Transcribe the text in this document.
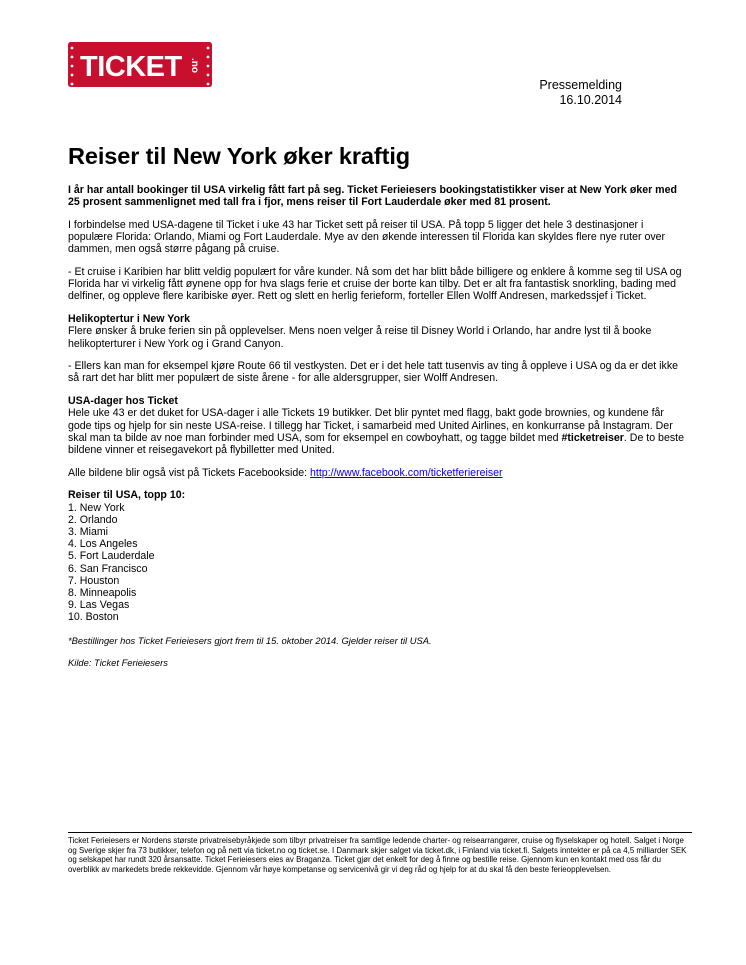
TICKET .no
Pressemelding
16.10.2014
Reiser til New York øker kraftig

I år har antall bookinger til USA virkelig fått fart på seg. Ticket Ferieiesers bookingstatistikker viser at New York øker med 25 prosent sammenlignet med tall fra i fjor, mens reiser til Fort Lauderdale øker med 81 prosent.

I forbindelse med USA-dagene til Ticket i uke 43 har Ticket sett på reiser til USA. På topp 5 ligger det hele 3 destinasjoner i populære Florida: Orlando, Miami og Fort Lauderdale. Mye av den økende interessen til Florida kan skyldes flere nye ruter over dammen, men også større pågang på cruise.

- Et cruise i Karibien har blitt veldig populært for våre kunder. Nå som det har blitt både billigere og enklere å komme seg til USA og Florida har vi virkelig fått øynene opp for hva slags ferie et cruise der borte kan tilby. Det er alt fra fantastisk snorkling, bading med delfiner, og oppleve flere karibiske øyer. Rett og slett en herlig ferieform, forteller Ellen Wolff Andresen, markedssjef i Ticket.

Helikoptertur i New York
Flere ønsker å bruke ferien sin på opplevelser. Mens noen velger å reise til Disney World i Orlando, har andre lyst til å booke helikopterturer i New York og i Grand Canyon.

- Ellers kan man for eksempel kjøre Route 66 til vestkysten. Det er i det hele tatt tusenvis av ting å oppleve i USA og da er det ikke så rart det har blitt mer populært de siste årene - for alle aldersgrupper, sier Wolff Andresen.

USA-dager hos Ticket
Hele uke 43 er det duket for USA-dager i alle Tickets 19 butikker. Det blir pyntet med flagg, bakt gode brownies, og kundene får gode tips og hjelp for sin neste USA-reise. I tillegg har Ticket, i samarbeid med United Airlines, en konkurranse på Instagram. Der skal man ta bilde av noe man forbinder med USA, som for eksempel en cowboyhatt, og tagge bildet med #ticketreiser. De to beste bildene vinner et reisegavekort på flybilletter med United.

Alle bildene blir også vist på Tickets Facebookside: http://www.facebook.com/ticketferiereiser

Reiser til USA, topp 10:
1. New York
2. Orlando
3. Miami
4. Los Angeles
5. Fort Lauderdale
6. San Francisco
7. Houston
8. Minneapolis
9. Las Vegas
10. Boston

*Bestillinger hos Ticket Ferieiesers gjort frem til 15. oktober 2014. Gjelder reiser til USA.

Kilde: Ticket Ferieiesers

Ticket Ferieiesers er Nordens største privatreisebyråkjede som tilbyr privatreiser fra samtlige ledende charter- og reisearrangører, cruise og flyselskaper og hotell. Salget i Norge og Sverige skjer fra 73 butikker, telefon og på nett via ticket.no og ticket.se. I Danmark skjer salget via ticket.dk, i Finland via ticket.fi. Salgets inntekter er på ca 4,5 milliarder SEK og selskapet har rundt 320 årsansatte. Ticket Ferieiesers eies av Braganza. Ticket gjør det enkelt for deg å finne og bestille reise. Gjennom kun en kontakt med oss får du overblikk av markedets brede rekkevidde. Gjennom vår høye kompetanse og servicenivå gir vi deg råd og hjelp for at du skal få den beste ferieopplevelsen.
